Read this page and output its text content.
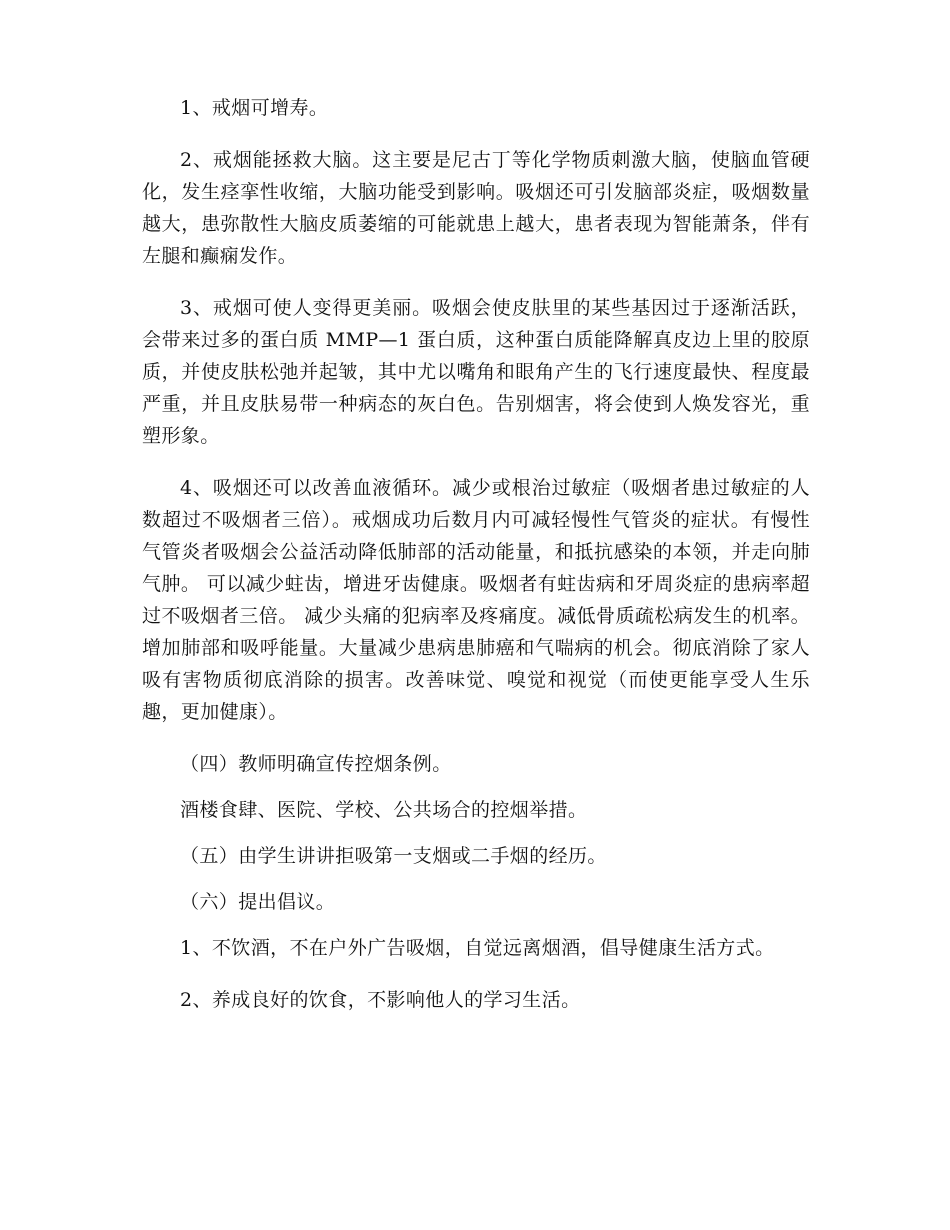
1、戒烟可增寿。

2、戒烟能拯救大脑。这主要是尼古丁等化学物质刺激大脑，使脑血管硬化，发生痉挛性收缩，大脑功能受到影响。吸烟还可引发脑部炎症，吸烟数量越大，患弥散性大脑皮质萎缩的可能就患上越大，患者表现为智能萧条，伴有左腿和癫痫发作。

3、戒烟可使人变得更美丽。吸烟会使皮肤里的某些基因过于逐渐活跃，会带来过多的蛋白质 MMP—1 蛋白质，这种蛋白质能降解真皮边上里的胶原质，并使皮肤松弛并起皱，其中尤以嘴角和眼角产生的飞行速度最快、程度最严重，并且皮肤易带一种病态的灰白色。告别烟害，将会使到人焕发容光，重塑形象。

4、吸烟还可以改善血液循环。减少或根治过敏症（吸烟者患过敏症的人数超过不吸烟者三倍）。戒烟成功后数月内可减轻慢性气管炎的症状。有慢性气管炎者吸烟会公益活动降低肺部的活动能量，和抵抗感染的本领，并走向肺气肿。 可以减少蛀齿，增进牙齿健康。吸烟者有蛀齿病和牙周炎症的患病率超过不吸烟者三倍。 减少头痛的犯病率及疼痛度。减低骨质疏松病发生的机率。增加肺部和吸呼能量。大量减少患病患肺癌和气喘病的机会。彻底消除了家人吸有害物质彻底消除的损害。改善味觉、嗅觉和视觉（而使更能享受人生乐趣，更加健康）。

（四）教师明确宣传控烟条例。

酒楼食肆、医院、学校、公共场合的控烟举措。

（五）由学生讲讲拒吸第一支烟或二手烟的经历。

（六）提出倡议。

1、不饮酒，不在户外广告吸烟，自觉远离烟酒，倡导健康生活方式。

2、养成良好的饮食，不影响他人的学习生活。
